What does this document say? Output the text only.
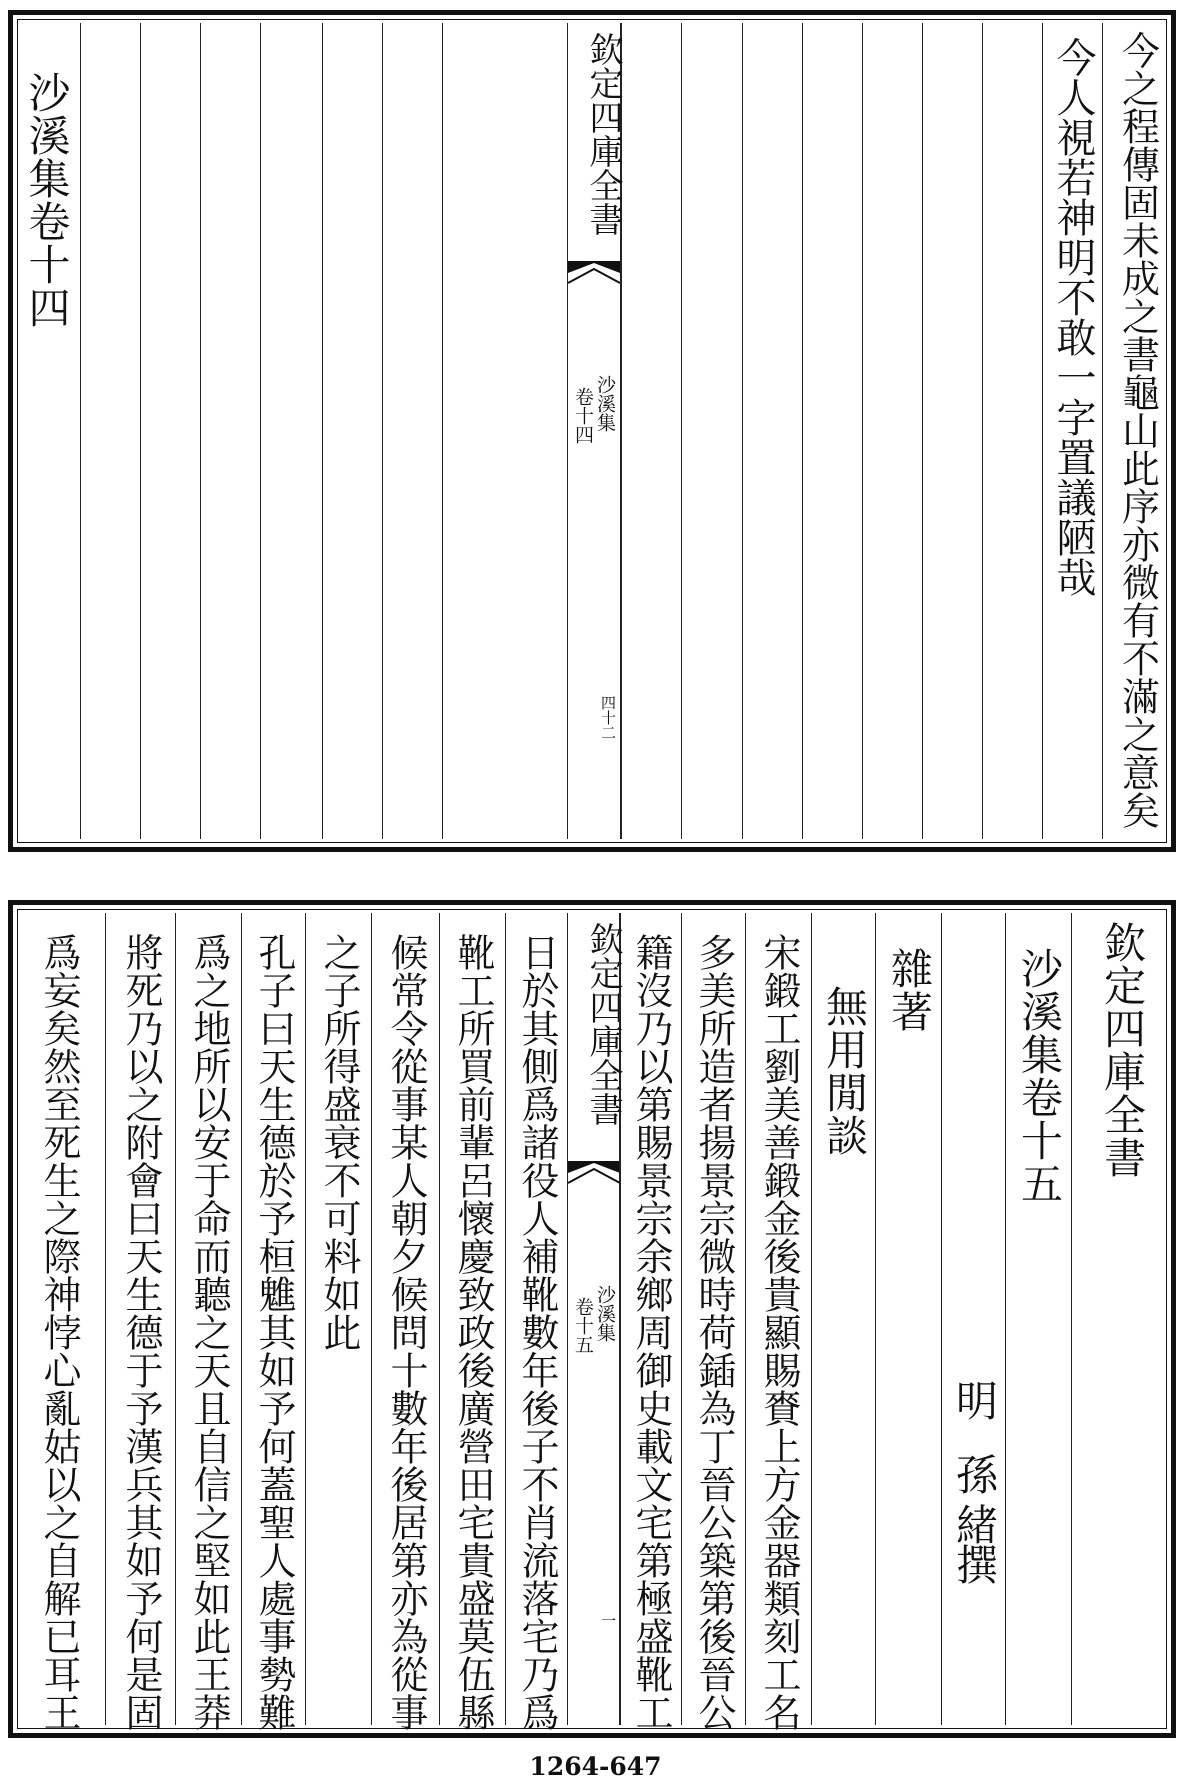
沙溪集卷十四	欽定四庫全書
沙溪集
卷十四
四十二
今人視若神明不敢一字置議陋哉 今之程傳固未成之書龜山此序亦微有不滿之意矣
爲妄矣然至死生之際神悖心亂姑以之自解已耳王 將死乃以之附會曰天生德于予漢兵其如予何是固 爲之地所以安于命而聽之天且自信之堅如此王莽 孔子曰天生德於予桓魋其如予何蓋聖人處事勢難 之子所得盛衰不可料如此 候常令從事某人朝夕候問十數年後居第亦為從事 靴工所買前輩呂懷慶致政後廣營田宅貴盛莫伍縣 日於其側爲諸役人補靴數年後子不肖流落宅乃爲 欽定四庫全書
沙溪集
卷十五
一 籍沒乃以第賜景宗余鄉周御史載文宅第極盛靴工 多美所造者揚景宗微時荷鍤為丁晉公築第後晉公 宋鍛工劉美善鍛金後貴顯賜賚上方金器類刻工名 無用閒談 雜著
明
孫緒
撰
沙溪集卷十五 欽定四庫全書
1264-647
